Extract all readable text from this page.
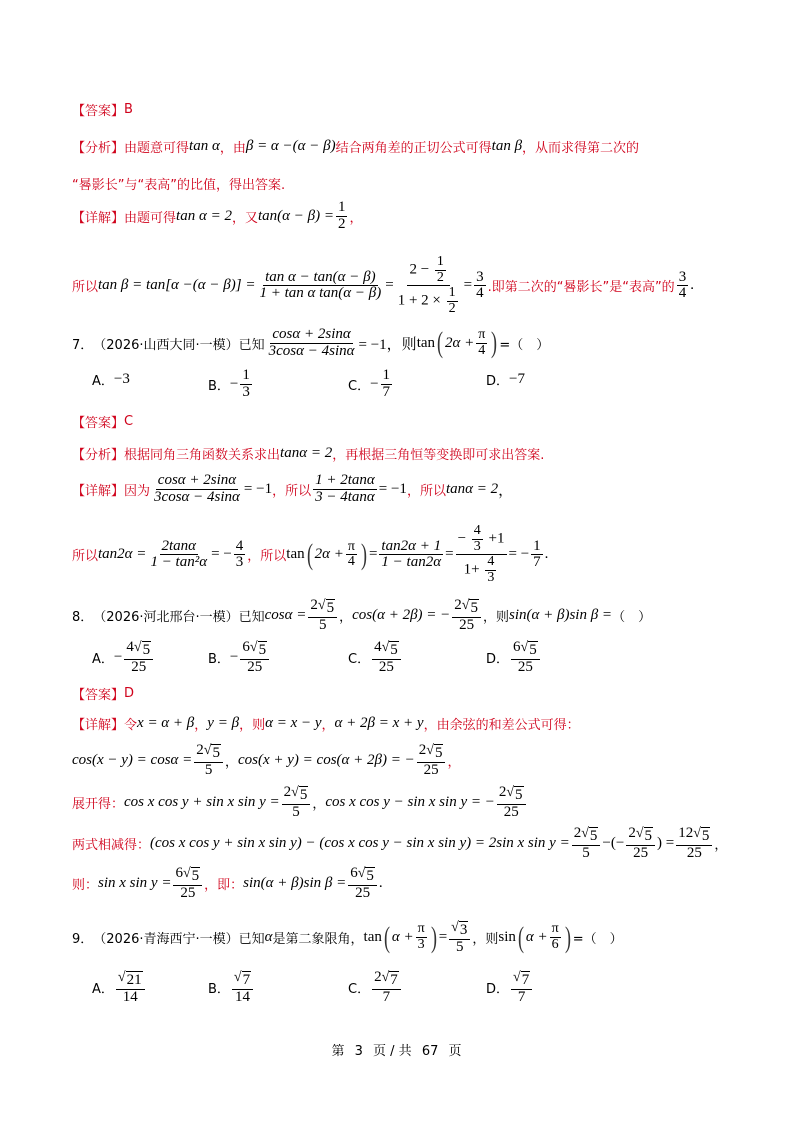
【答案】 B
【分析】 由题意可得 tan α ，由 β = α −(α − β) 结合两角差的正切公式可得 tan β ，从而求得第二次的
“晷影长”与“表高”的比值，得出答案.
【详解】 由题可得 tan α = 2 ，又 $\tan(\alpha - \beta) = \frac{1}{2}$ ，
所以 $\tan \beta = \tan[\alpha -(\alpha - \beta)] = \frac{\text{tan α − tan(α − β)}}{\text{1 + tan α tan(α − β)}} = \frac{2 - \frac{1}{2}}{1 + 2 \times \frac{1}{2}} = \frac{3}{4}$ .即第二次的“晷影长”是“表高”的 $\frac{3}{4}$ .
7． （2026·山西大同·一模）已知 $\frac{\cos\alpha + 2\sin\alpha}{3\cos\alpha - 4\sin\alpha} = -1$，则 tan ( $2\alpha + \frac{\pi}{4}$ ) =（　）
A． −3	B． − $\frac{1}{3}$	C． − $\frac{1}{7}$	D． −7
【答案】 C
【分析】 根据同角三角函数关系求出 tanα = 2 ，再根据三角恒等变换即可求出答案.
【详解】 因为 $\frac{\cos\alpha + 2\sin\alpha}{3\cos\alpha - 4\sin\alpha} = -1$ ，所以 $\frac{1 + 2\tan\alpha}{3 - 4\tan\alpha} = -1$ ，所以 tanα = 2 ，
所以 $\tan 2\alpha = \frac{2\tan\alpha}{\text{1 − tan²α}}$ = − $\frac{4}{3}$ ，所以 tan ( $2\alpha + \frac{\pi}{4}$ ) = $\frac{\tan 2\alpha + 1}{1 - \tan 2\alpha} = \frac{- \frac{4}{3} +1}{1+ \frac{4}{3}}$ = − $\frac{1}{7}$ .
8． （2026·河北邢台·一模）已知 $\cos\alpha = \frac{2 √ 5}{5}$ ， cos(α + 2β) = − $\frac{2 √ 5}{25}$ ，则 sin(α + β)sin β = （　）
A． − $\frac{4 √ 5}{25}$	B． − $\frac{6 √ 5}{25}$	C． $\frac{4 √ 5}{25}$	D． $\frac{6 √ 5}{25}$
【答案】 D
【详解】 令 x = α + β ， y = β ，则 α = x − y ， α + 2β = x + y ，由余弦的和差公式可得：
$\cos(x - y) = \cos\alpha = \frac{2 √ 5}{5}$ ， cos(x + y) = cos(α + 2β) = − $\frac{2 √ 5}{25}$ ，
展开得： cos x cos y + sin x $\sin y = \frac{2 √ 5}{5}$ ， cos x cos y − sin x sin y = − $\frac{2 √ 5}{25}$
两式相减得： (cos x cos y + sin x sin y) − (cos x cos y − sin x sin y) = 2sin x $\sin y = \frac{2 √ 5}{5}$ −(− $\frac{2 √ 5}{25}$ ) = $\frac{12 √ 5}{25}$ ，
则： sin x $\sin y = \frac{6 √ 5}{25}$ ，即： sin(α + β)sin $\beta = \frac{6 √ 5}{25}$ .
9． （2026·青海西宁·一模）已知 α 是第二象限角， tan ( $\alpha + \frac{\pi}{3}$ ) = $\frac{√ 3}{5}$ ，则 sin ( $\alpha + \frac{\pi}{6}$ ) =（　）
A． $\frac{√ 21}{14}$	B． $\frac{√ 7}{14}$	C． $\frac{2 √ 7}{7}$	D． $\frac{√ 7}{7}$
第 3 页 / 共 67 页
